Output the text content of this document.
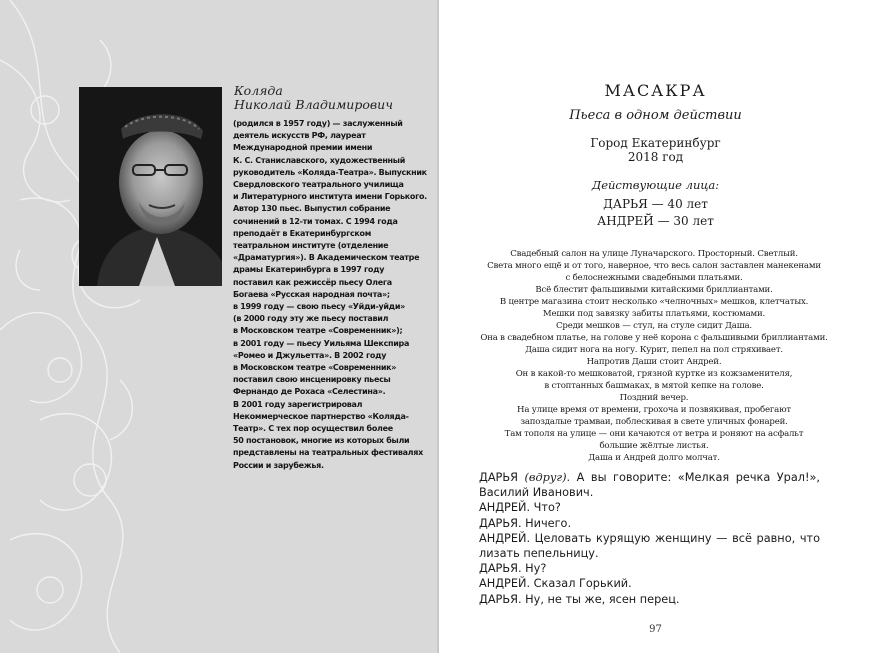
Коляда
Николай Владимирович
(родился в 1957 году) — заслуженный
деятель искусств РФ, лауреат
Международной премии имени
К. С. Станиславского, художественный
руководитель «Коляда-Театра». Выпускник
Свердловского театрального училища
и Литературного института имени Горького.
Автор 130 пьес. Выпустил собрание
сочинений в 12-ти томах. С 1994 года
преподаёт в Екатеринбургском
театральном институте (отделение
«Драматургия»). В Академическом театре
драмы Екатеринбурга в 1997 году
поставил как режиссёр пьесу Олега
Богаева «Русская народная почта»;
в 1999 году — свою пьесу «Уйди-уйди»
(в 2000 году эту же пьесу поставил
в Московском театре «Современник»);
в 2001 году — пьесу Уильяма Шекспира
«Ромео и Джульетта». В 2002 году
в Московском театре «Современник»
поставил свою инсценировку пьесы
Фернандо де Рохаса «Селестина».
В 2001 году зарегистрировал
Некоммерческое партнерство «Коляда-
Театр». С тех пор осуществил более
50 постановок, многие из которых были
представлены на театральных фестивалях
России и зарубежья.
МАСАКРА
Пьеса в одном действии
Город Екатеринбург
2018 год
Действующие лица:
ДАРЬЯ — 40 лет
АНДРЕЙ — 30 лет
Свадебный салон на улице Луначарского. Просторный. Светлый.
Света много ещё и от того, наверное, что весь салон заставлен манекенами
с белоснежными свадебными платьями.
Всё блестит фальшивыми китайскими бриллиантами.
В центре магазина стоит несколько «челночных» мешков, клетчатых.
Мешки под завязку забиты платьями, костюмами.
Среди мешков — стул, на стуле сидит Даша.
Она в свадебном платье, на голове у неё корона с фальшивыми бриллиантами.
Даша сидит нога на ногу. Курит, пепел на пол стряхивает.
Напротив Даши стоит Андрей.
Он в какой-то мешковатой, грязной куртке из кожзаменителя,
в стоптанных башмаках, в мятой кепке на голове.
Поздний вечер.
На улице время от времени, грохоча и позвякивая, пробегают
запоздалые трамваи, поблескивая в свете уличных фонарей.
Там тополя на улице — они качаются от ветра и роняют на асфальт
большие жёлтые листья.
Даша и Андрей долго молчат.
97

ДАРЬЯ (вдруг). А вы говорите: «Мелкая речка Урал!», Василий Иванович.

АНДРЕЙ. Что?

ДАРЬЯ. Ничего.

АНДРЕЙ. Целовать курящую женщину — всё равно, что лизать пепельницу.

ДАРЬЯ. Ну?

АНДРЕЙ. Сказал Горький.

ДАРЬЯ. Ну, не ты же, ясен перец.
